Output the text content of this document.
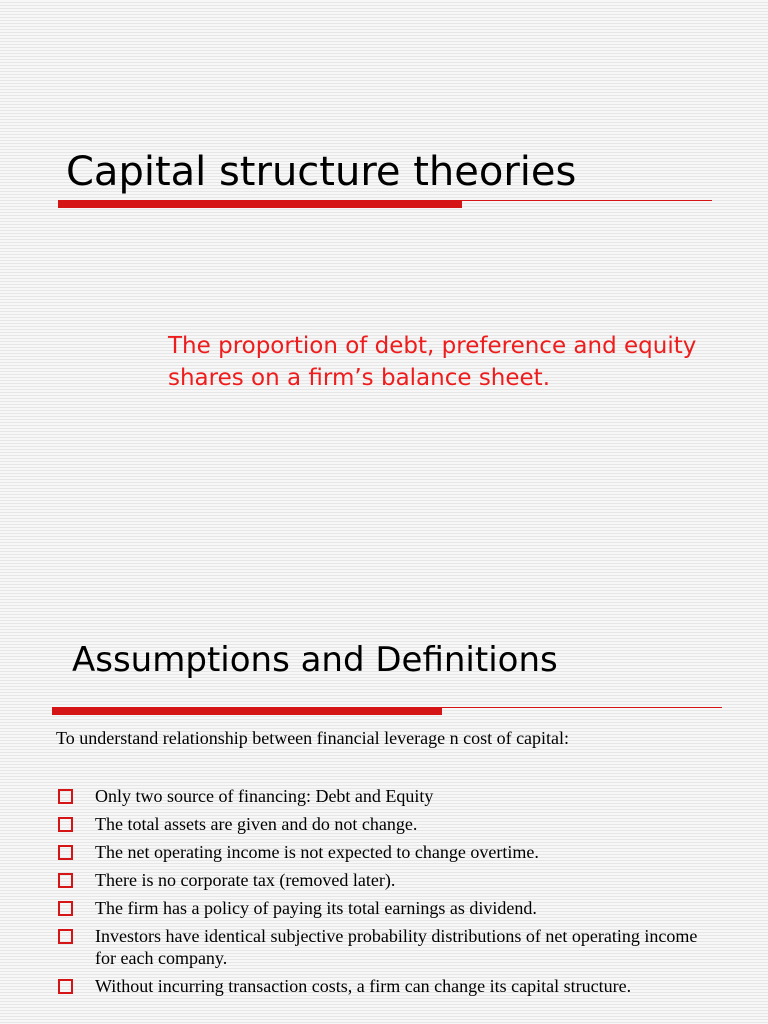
Capital structure theories

The proportion of debt, preference and equity shares on a firm’s balance sheet.

Assumptions and Definitions

To understand relationship between financial leverage n cost of capital:

Only two source of financing: Debt and Equity
The total assets are given and do not change.
The net operating income is not expected to change overtime.
There is no corporate tax (removed later).
The firm has a policy of paying its total earnings as dividend.
Investors have identical subjective probability distributions of net operating income for each company.
Without incurring transaction costs, a firm can change its capital structure.
